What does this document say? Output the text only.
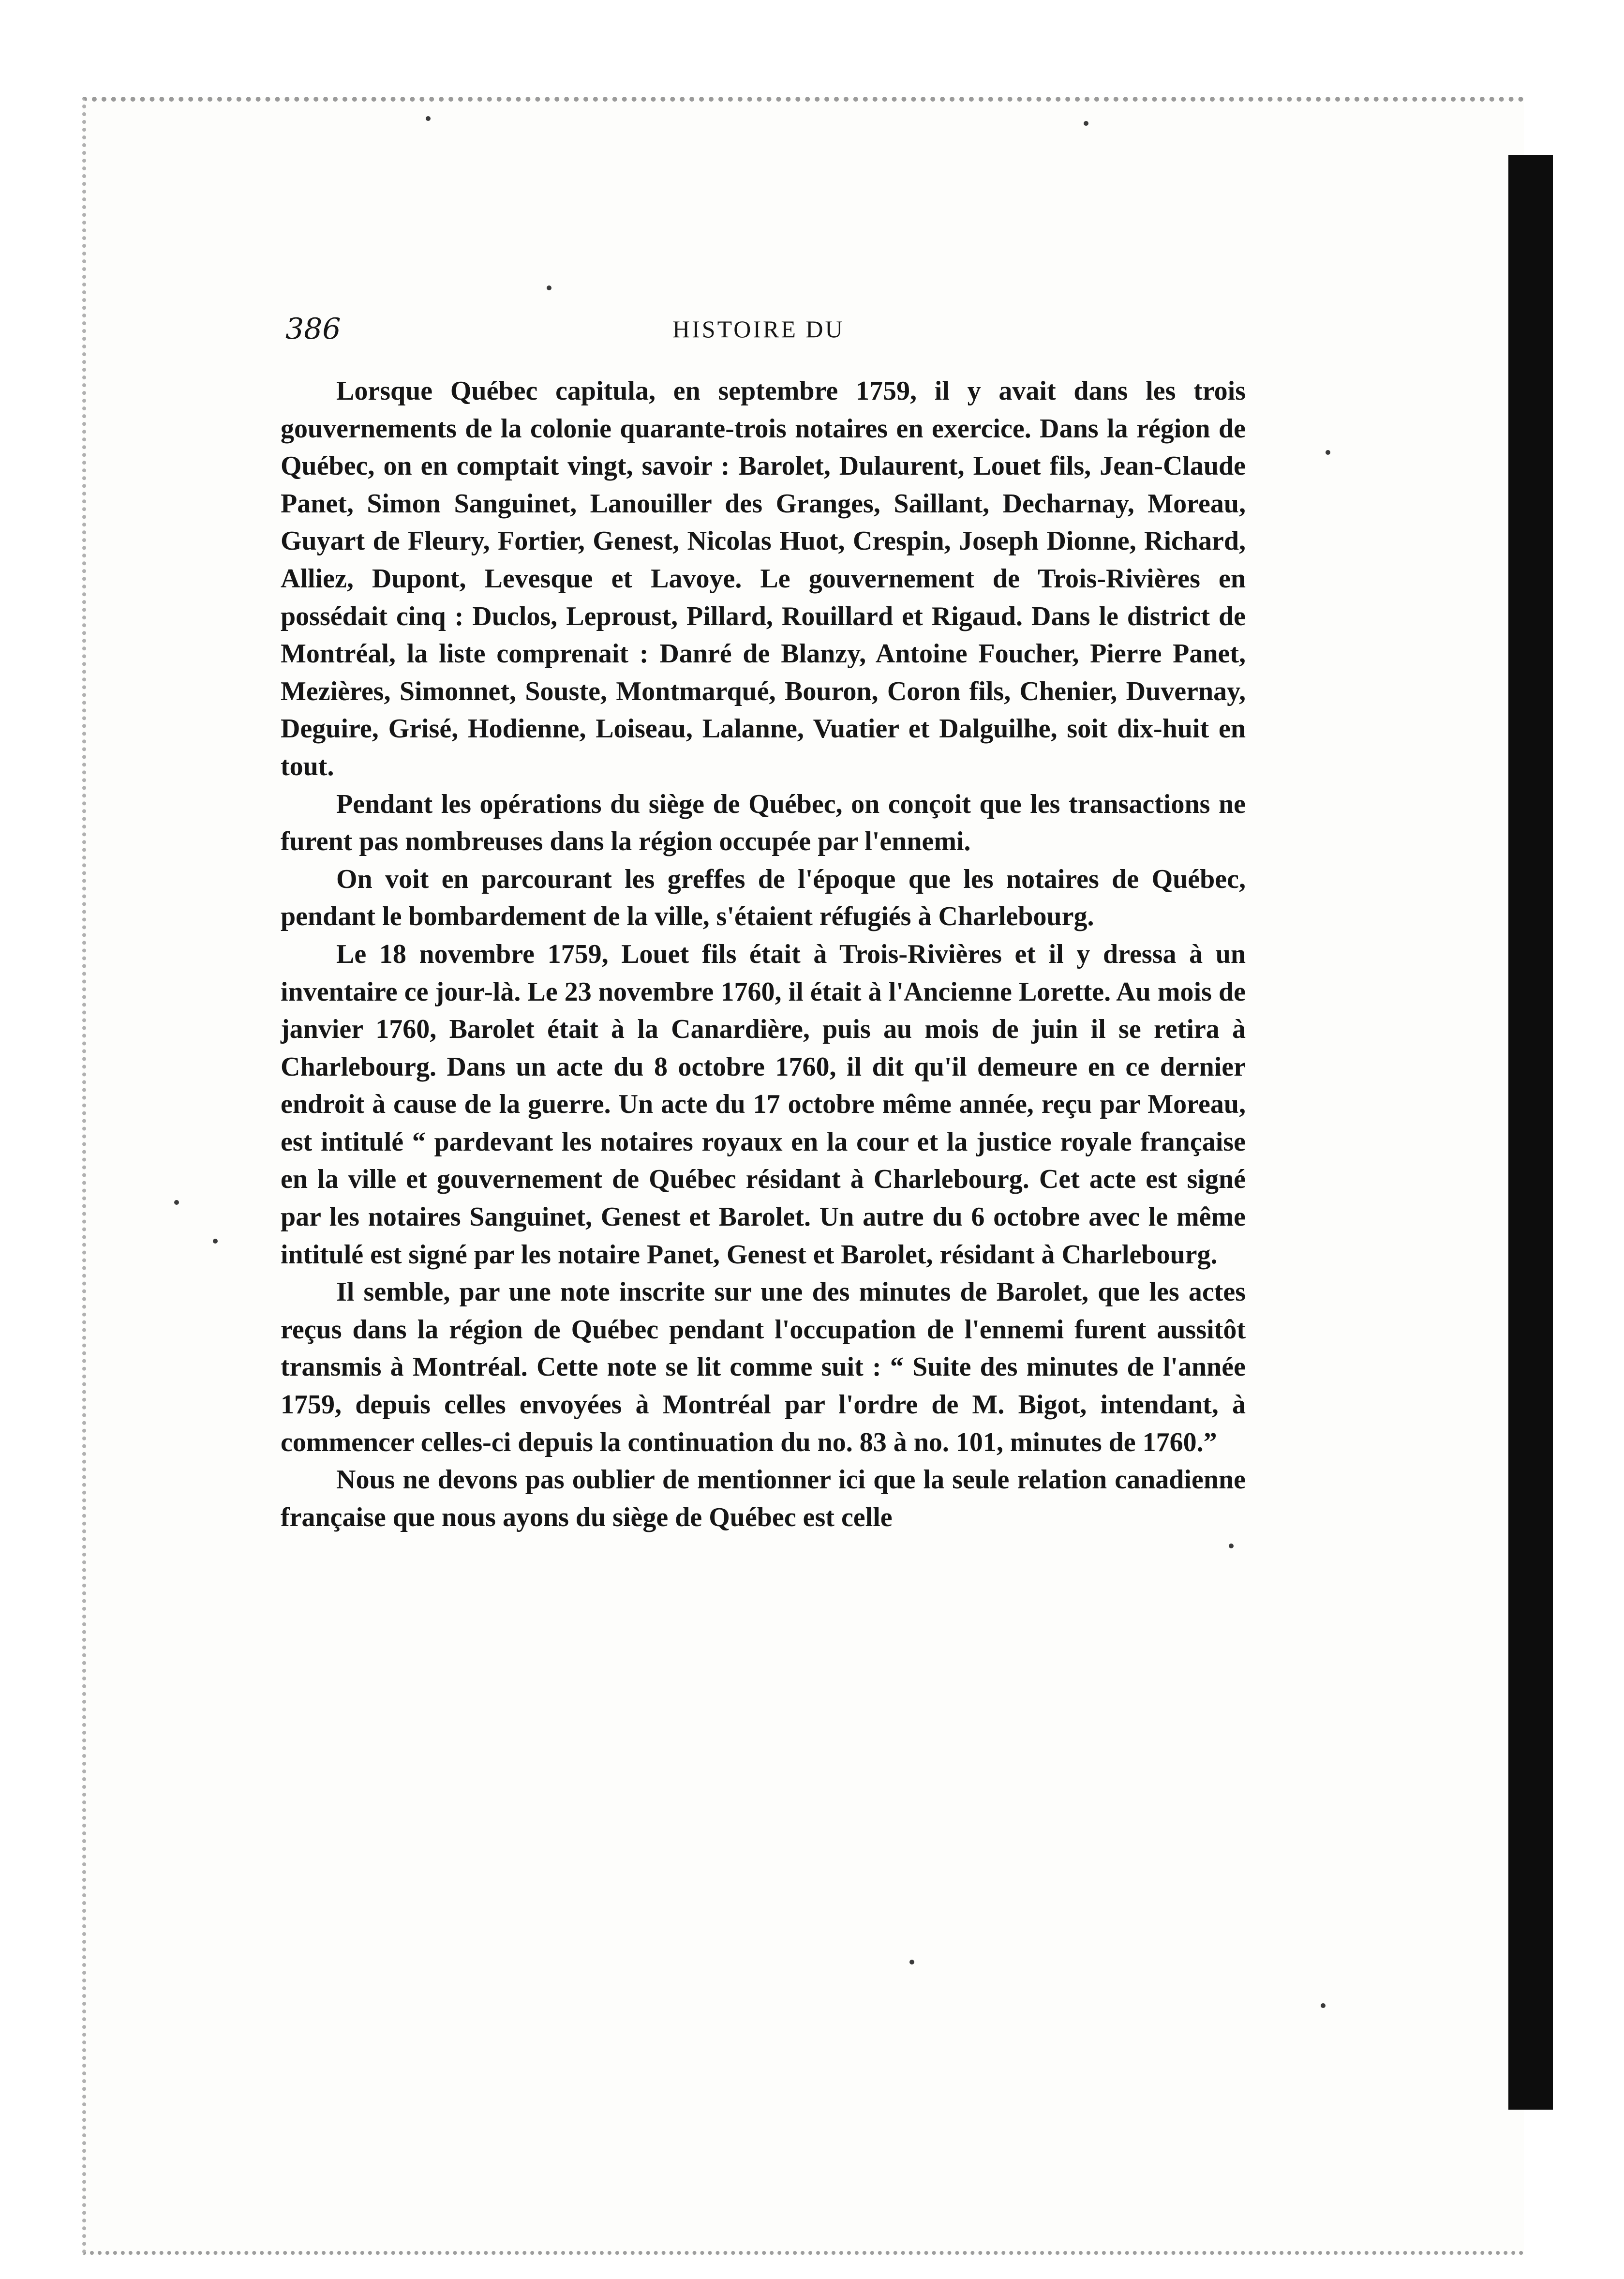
386	HISTOIRE DU

Lorsque Québec capitula, en septembre 1759, il y avait dans les trois gouvernements de la colonie quarante-trois notaires en exercice. Dans la région de Québec, on en comptait vingt, savoir : Barolet, Dulaurent, Louet fils, Jean-Claude Panet, Simon Sanguinet, Lanouiller des Granges, Saillant, Decharnay, Moreau, Guyart de Fleury, Fortier, Genest, Nicolas Huot, Crespin, Joseph Dionne, Richard, Alliez, Dupont, Levesque et Lavoye. Le gouvernement de Trois-Rivières en possédait cinq : Duclos, Leproust, Pillard, Rouillard et Rigaud. Dans le district de Montréal, la liste comprenait : Danré de Blanzy, Antoine Foucher, Pierre Panet, Mezières, Simonnet, Souste, Montmarqué, Bouron, Coron fils, Chenier, Duvernay, Deguire, Grisé, Hodienne, Loiseau, Lalanne, Vuatier et Dalguilhe, soit dix-huit en tout.

Pendant les opérations du siège de Québec, on conçoit que les transactions ne furent pas nombreuses dans la région occupée par l'ennemi.

On voit en parcourant les greffes de l'époque que les notaires de Québec, pendant le bombardement de la ville, s'étaient réfugiés à Charlebourg.

Le 18 novembre 1759, Louet fils était à Trois-Rivières et il y dressa à un inventaire ce jour-là. Le 23 novembre 1760, il était à l'Ancienne Lorette. Au mois de janvier 1760, Barolet était à la Canardière, puis au mois de juin il se retira à Charlebourg. Dans un acte du 8 octobre 1760, il dit qu'il demeure en ce dernier endroit à cause de la guerre. Un acte du 17 octobre même année, reçu par Moreau, est intitulé “ pardevant les notaires royaux en la cour et la justice royale française en la ville et gouvernement de Québec résidant à Charlebourg. Cet acte est signé par les notaires Sanguinet, Genest et Barolet. Un autre du 6 octobre avec le même intitulé est signé par les notaire Panet, Genest et Barolet, résidant à Charlebourg.

Il semble, par une note inscrite sur une des minutes de Barolet, que les actes reçus dans la région de Québec pendant l'occupation de l'ennemi furent aussitôt transmis à Montréal. Cette note se lit comme suit : “ Suite des minutes de l'année 1759, depuis celles envoyées à Montréal par l'ordre de M. Bigot, intendant, à commencer celles-ci depuis la continuation du no. 83 à no. 101, minutes de 1760.”

Nous ne devons pas oublier de mentionner ici que la seule relation canadienne française que nous ayons du siège de Québec est celle
